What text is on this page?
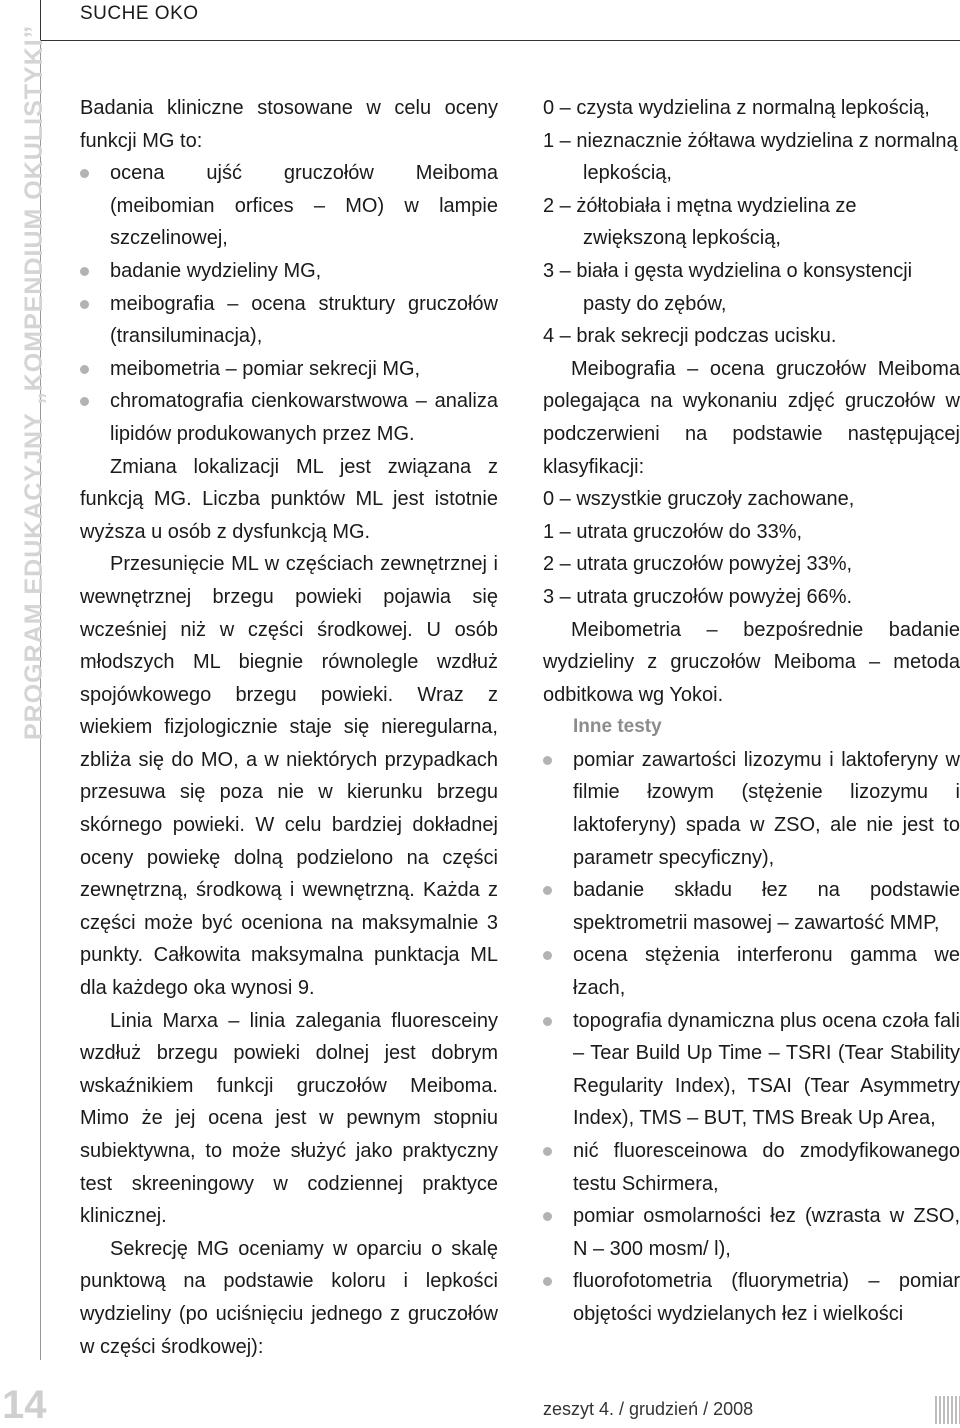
SUCHE OKO
PROGRAM EDUKACYJNY „KOMPENDIUM OKULISTYKI” Badania kliniczne stosowane w celu oceny funkcji MG to:

ocena ujść gruczołów Meiboma (meibomian orfices – MO) w lampie szczelinowej,
badanie wydzieliny MG,
meibografia – ocena struktury gruczołów (transiluminacja),
meibometria – pomiar sekrecji MG,
chromatografia cienkowarstwowa – analiza lipidów produkowanych przez MG.

Zmiana lokalizacji ML jest związana z funkcją MG. Liczba punktów ML jest istotnie wyższa u osób z dysfunkcją MG.

Przesunięcie ML w częściach zewnętrznej i wewnętrznej brzegu powieki pojawia się wcześniej niż w części środkowej. U osób młodszych ML biegnie równolegle wzdłuż spojówkowego brzegu powieki. Wraz z wiekiem fizjologicznie staje się nieregularna, zbliża się do MO, a w niektórych przypadkach przesuwa się poza nie w kierunku brzegu skórnego powieki. W celu bardziej dokładnej oceny powiekę dolną podzielono na części zewnętrzną, środkową i wewnętrzną. Każda z części może być oceniona na maksymalnie 3 punkty. Całkowita maksymalna punktacja ML dla każdego oka wynosi 9.

Linia Marxa – linia zalegania fluoresceiny wzdłuż brzegu powieki dolnej jest dobrym wskaźnikiem funkcji gruczołów Meiboma. Mimo że jej ocena jest w pewnym stopniu subiektywna, to może służyć jako praktyczny test skreeningowy w codziennej praktyce klinicznej.

Sekrecję MG oceniamy w oparciu o skalę punktową na podstawie koloru i lepkości wydzieliny (po uciśnięciu jednego z gruczołów w części środkowej):

0 – czysta wydzielina z normalną lepkością,

1 – nieznacznie żółtawa wydzielina z normalną lepkością,

2 – żółtobiała i mętna wydzielina ze zwiększoną lepkością,

3 – biała i gęsta wydzielina o konsystencji pasty do zębów,

4 – brak sekrecji podczas ucisku.

Meibografia – ocena gruczołów Meiboma polegająca na wykonaniu zdjęć gruczołów w podczerwieni na podstawie następującej klasyfikacji:

0 – wszystkie gruczoły zachowane,

1 – utrata gruczołów do 33%,

2 – utrata gruczołów powyżej 33%,

3 – utrata gruczołów powyżej 66%.

Meibometria – bezpośrednie badanie wydzieliny z gruczołów Meiboma – metoda odbitkowa wg Yokoi.

Inne testy

pomiar zawartości lizozymu i laktoferyny w filmie łzowym (stężenie lizozymu i laktoferyny) spada w ZSO, ale nie jest to parametr specyficzny),
badanie składu łez na podstawie spektrometrii masowej – zawartość MMP,
ocena stężenia interferonu gamma we łzach,
topografia dynamiczna plus ocena czoła fali – Tear Build Up Time – TSRI (Tear Stability Regularity Index), TSAI (Tear Asymmetry Index), TMS – BUT, TMS Break Up Area,
nić fluoresceinowa do zmodyfikowanego testu Schirmera,
pomiar osmolarności łez (wzrasta w ZSO, N – 300 mosm/ l),
fluorofotometria (fluorymetria) – pomiar objętości wydzielanych łez i wielkości
14	zeszyt 4. / grudzień / 2008
